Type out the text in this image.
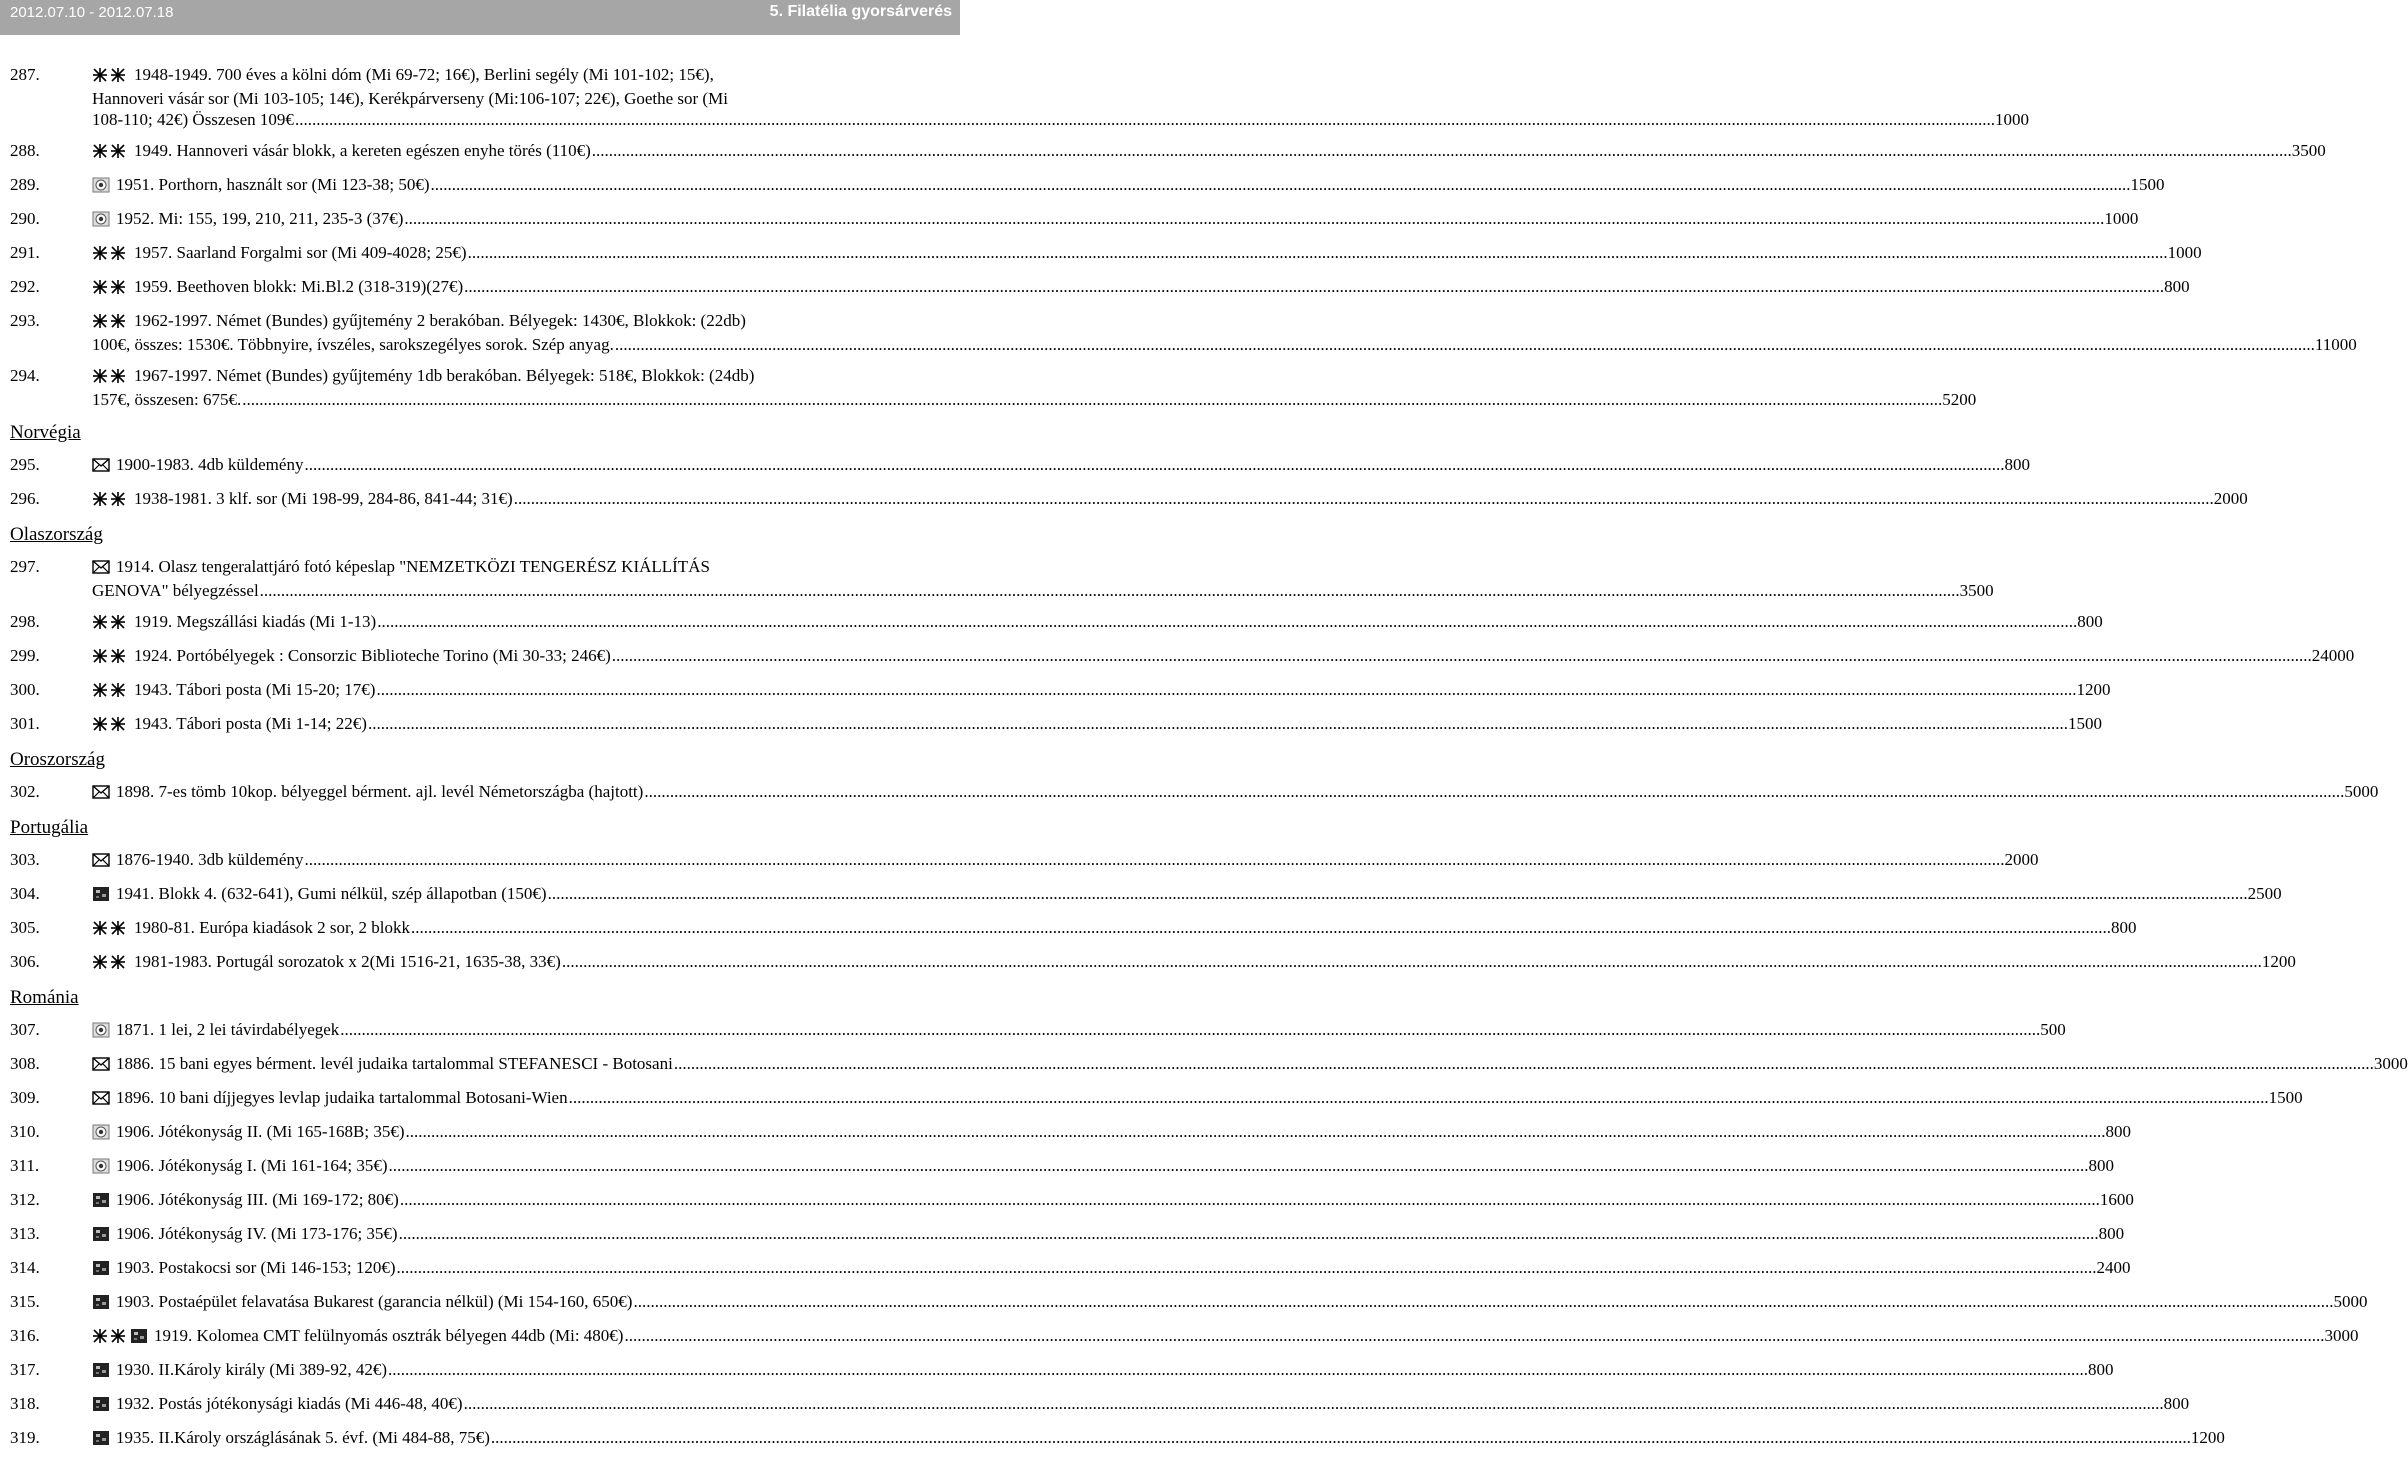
2012.07.10 - 2012.07.18	5. Filatélia gyorsárverés
287.	1948-1949. 700 éves a kölni dóm (Mi 69-72; 16€), Berlini segély (Mi 101-102; 15€),
Hannoveri vásár sor (Mi 103-105; 14€), Kerékpárverseny (Mi:106-107; 22€), Goethe sor (Mi
108-110; 42€) Összesen 109€ ................................................................................................................................................................................................................................................................................................................................................................................................................ 1000
288.	1949. Hannoveri vásár blokk, a kereten egészen enyhe törés (110€) ................................................................................................................................................................................................................................................................................................................................................................................................................ 3500
289.	1951. Porthorn, használt sor (Mi 123-38; 50€) ................................................................................................................................................................................................................................................................................................................................................................................................................ 1500
290.	1952. Mi: 155, 199, 210, 211, 235-3 (37€) ................................................................................................................................................................................................................................................................................................................................................................................................................ 1000
291.	1957. Saarland Forgalmi sor (Mi 409-4028; 25€) ................................................................................................................................................................................................................................................................................................................................................................................................................ 1000
292.	1959. Beethoven blokk: Mi.Bl.2 (318-319)(27€) ................................................................................................................................................................................................................................................................................................................................................................................................................ 800
293.	1962-1997. Német (Bundes) gyűjtemény 2 berakóban. Bélyegek: 1430€, Blokkok: (22db)
100€, összes: 1530€. Többnyire, ívszéles, sarokszegélyes sorok. Szép anyag. ................................................................................................................................................................................................................................................................................................................................................................................................................ 11000
294.	1967-1997. Német (Bundes) gyűjtemény 1db berakóban. Bélyegek: 518€, Blokkok: (24db)
157€, összesen: 675€. ................................................................................................................................................................................................................................................................................................................................................................................................................ 5200
Norvégia
295.	1900-1983. 4db küldemény ................................................................................................................................................................................................................................................................................................................................................................................................................ 800
296.	1938-1981. 3 klf. sor (Mi 198-99, 284-86, 841-44; 31€) ................................................................................................................................................................................................................................................................................................................................................................................................................ 2000
Olaszország
297.	1914. Olasz tengeralattjáró fotó képeslap "NEMZETKÖZI TENGERÉSZ KIÁLLÍTÁS
GENOVA" bélyegzéssel ................................................................................................................................................................................................................................................................................................................................................................................................................ 3500
298.	1919. Megszállási kiadás (Mi 1-13) ................................................................................................................................................................................................................................................................................................................................................................................................................ 800
299.	1924. Portóbélyegek : Consorzic Biblioteche Torino (Mi 30-33; 246€) ................................................................................................................................................................................................................................................................................................................................................................................................................ 24000
300.	1943. Tábori posta (Mi 15-20; 17€) ................................................................................................................................................................................................................................................................................................................................................................................................................ 1200
301.	1943. Tábori posta (Mi 1-14; 22€) ................................................................................................................................................................................................................................................................................................................................................................................................................ 1500
Oroszország
302.	1898. 7-es tömb 10kop. bélyeggel bérment. ajl. levél Németországba (hajtott) ................................................................................................................................................................................................................................................................................................................................................................................................................ 5000
Portugália
303.	1876-1940. 3db küldemény ................................................................................................................................................................................................................................................................................................................................................................................................................ 2000
304.	1941. Blokk 4. (632-641), Gumi nélkül, szép állapotban (150€) ................................................................................................................................................................................................................................................................................................................................................................................................................ 2500
305.	1980-81. Európa kiadások 2 sor, 2 blokk ................................................................................................................................................................................................................................................................................................................................................................................................................ 800
306.	1981-1983. Portugál sorozatok x 2(Mi 1516-21, 1635-38, 33€) ................................................................................................................................................................................................................................................................................................................................................................................................................ 1200
Románia
307.	1871. 1 lei, 2 lei távirdabélyegek ................................................................................................................................................................................................................................................................................................................................................................................................................ 500
308.	1886. 15 bani egyes bérment. levél judaika tartalommal STEFANESCI - Botosani ................................................................................................................................................................................................................................................................................................................................................................................................................ 3000
309.	1896. 10 bani díjjegyes levlap judaika tartalommal Botosani-Wien ................................................................................................................................................................................................................................................................................................................................................................................................................ 1500
310.	1906. Jótékonyság II. (Mi 165-168B; 35€) ................................................................................................................................................................................................................................................................................................................................................................................................................ 800
311.	1906. Jótékonyság I. (Mi 161-164; 35€) ................................................................................................................................................................................................................................................................................................................................................................................................................ 800
312.	1906. Jótékonyság III. (Mi 169-172; 80€) ................................................................................................................................................................................................................................................................................................................................................................................................................ 1600
313.	1906. Jótékonyság IV. (Mi 173-176; 35€) ................................................................................................................................................................................................................................................................................................................................................................................................................ 800
314.	1903. Postakocsi sor (Mi 146-153; 120€) ................................................................................................................................................................................................................................................................................................................................................................................................................ 2400
315.	1903. Postaépület felavatása Bukarest (garancia nélkül) (Mi 154-160, 650€) ................................................................................................................................................................................................................................................................................................................................................................................................................ 5000
316.	1919. Kolomea CMT felülnyomás osztrák bélyegen 44db (Mi: 480€) ................................................................................................................................................................................................................................................................................................................................................................................................................ 3000
317.	1930. II.Károly király (Mi 389-92, 42€) ................................................................................................................................................................................................................................................................................................................................................................................................................ 800
318.	1932. Postás jótékonysági kiadás (Mi 446-48, 40€) ................................................................................................................................................................................................................................................................................................................................................................................................................ 800
319.	1935. II.Károly országlásának 5. évf. (Mi 484-88, 75€) ................................................................................................................................................................................................................................................................................................................................................................................................................ 1200
